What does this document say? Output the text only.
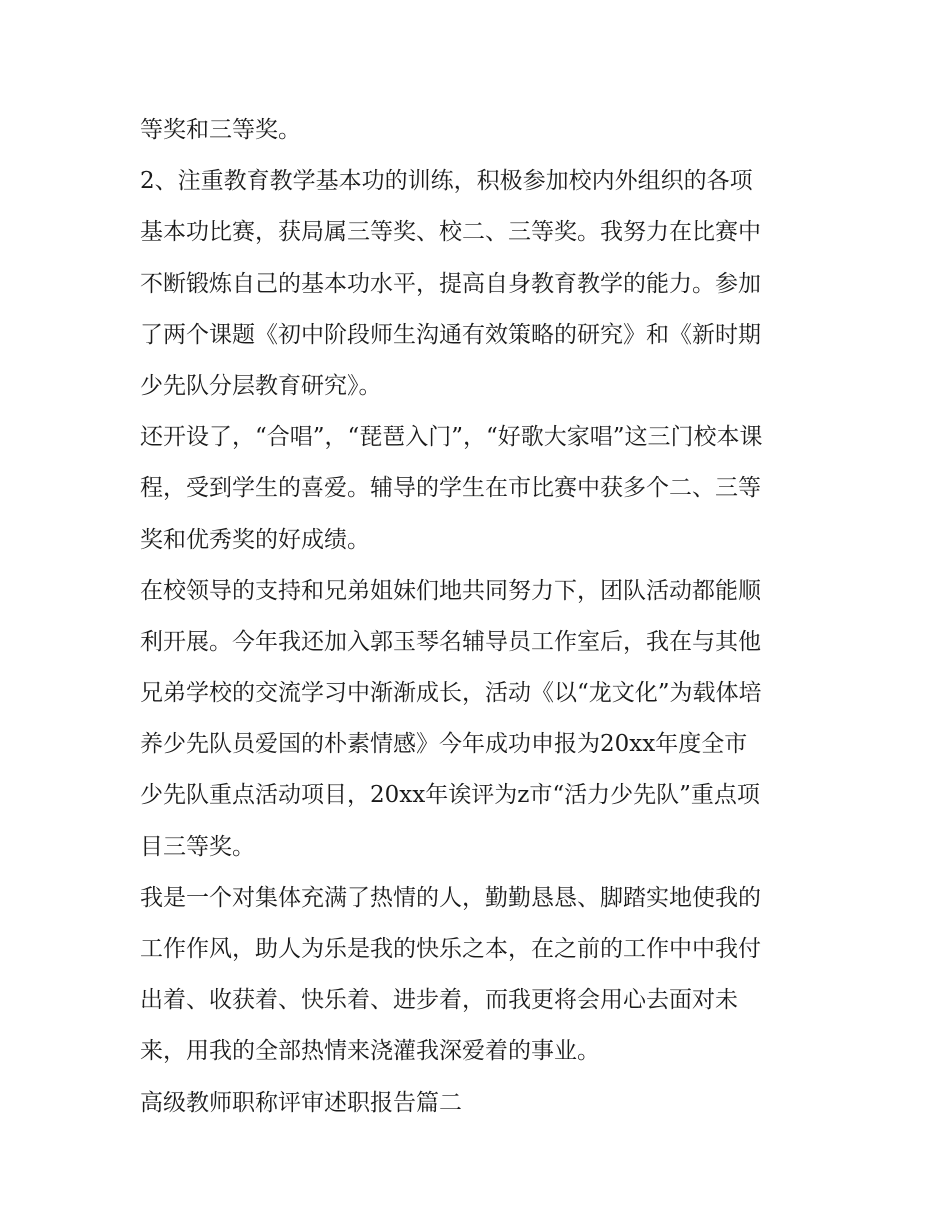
等奖和三等奖。
2、注重教育教学基本功的训练，积极参加校内外组织的各项
基本功比赛，获局属三等奖、校二、三等奖。我努力在比赛中
不断锻炼自己的基本功水平，提高自身教育教学的能力。参加
了两个课题《初中阶段师生沟通有效策略的研究》和《新时期
少先队分层教育研究》。
还开设了，“合唱”，“琵琶入门”，“好歌大家唱”这三门校本课
程，受到学生的喜爱。辅导的学生在市比赛中获多个二、三等
奖和优秀奖的好成绩。
在校领导的支持和兄弟姐妹们地共同努力下，团队活动都能顺
利开展。今年我还加入郭玉琴名辅导员工作室后，我在与其他
兄弟学校的交流学习中渐渐成长，活动《以“龙文化”为载体培
养少先队员爱国的朴素情感》今年成功申报为20xx年度全市
少先队重点活动项目，20xx年诶评为z市“活力少先队”重点项
目三等奖。
我是一个对集体充满了热情的人，勤勤恳恳、脚踏实地使我的
工作作风，助人为乐是我的快乐之本，在之前的工作中中我付
出着、收获着、快乐着、进步着，而我更将会用心去面对未
来，用我的全部热情来浇灌我深爱着的事业。
高级教师职称评审述职报告篇二
